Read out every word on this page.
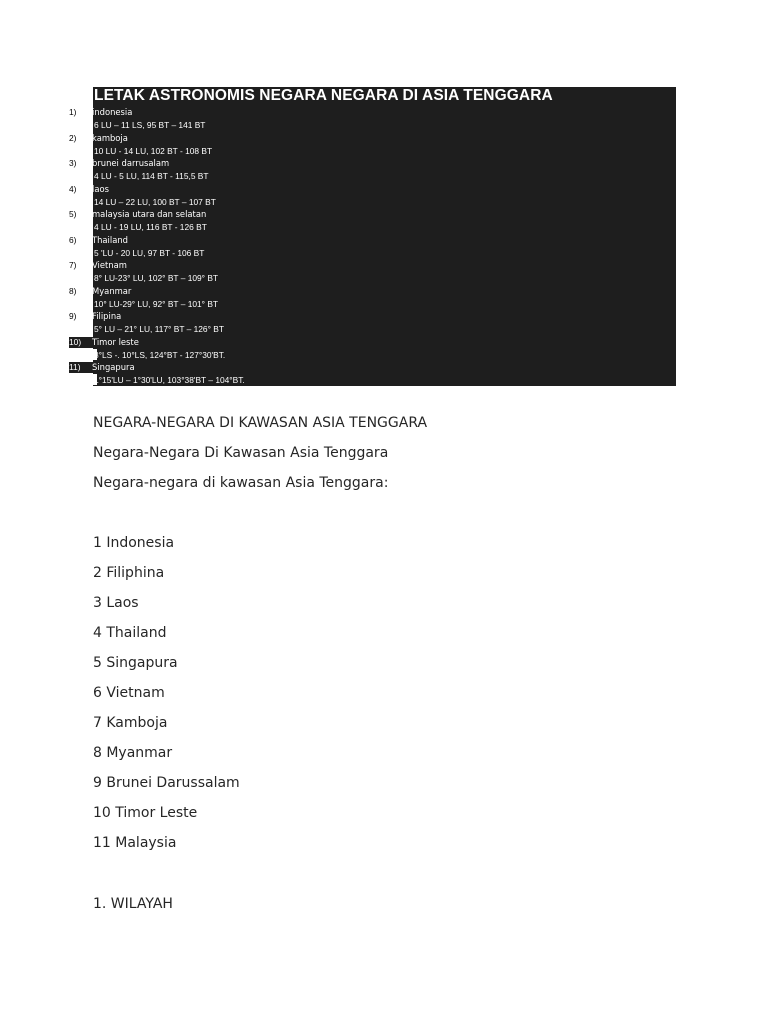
LETAK ASTRONOMIS NEGARA NEGARA DI ASIA TENGGARA
1) indonesia
6 LU – 11 LS, 95 BT – 141 BT
2) kamboja
10 LU - 14 LU, 102 BT - 108 BT
3) brunei darrusalam
4 LU - 5 LU, 114 BT - 115,5 BT
4) laos
14 LU – 22 LU, 100 BT – 107 BT
5) malaysia utara dan selatan
4 LU - 19 LU, 116 BT - 126 BT
6) Thailand
5 'LU - 20 LU, 97 BT - 106 BT
7) Vietnam
8° LU-23° LU, 102° BT – 109° BT
8) Myanmar
10° LU-29° LU, 92° BT – 101° BT
9) Filipina
5° LU – 21° LU, 117° BT – 126° BT
10) Timor leste
8°LS -. 10°LS, 124°BT - 127°30'BT.
11) Singapura
1°15'LU – 1°30'LU, 103°38'BT – 104°BT.
NEGARA-NEGARA DI KAWASAN ASIA TENGGARA
Negara-Negara Di Kawasan Asia Tenggara
Negara-negara di kawasan Asia Tenggara:
1 Indonesia
2 Filiphina
3 Laos
4 Thailand
5 Singapura
6 Vietnam
7 Kamboja
8 Myanmar
9 Brunei Darussalam
10 Timor Leste
11 Malaysia
1. WILAYAH
